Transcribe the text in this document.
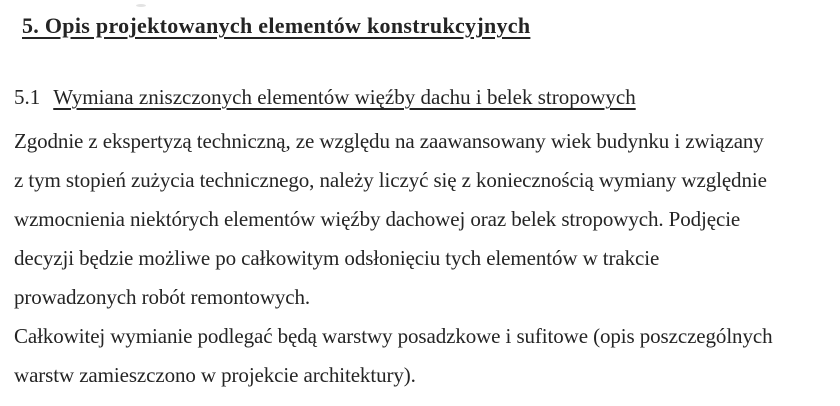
5. Opis projektowanych elementów konstrukcyjnych
5.1 Wymiana zniszczonych elementów więźby dachu i belek stropowych
Zgodnie z ekspertyzą techniczną, ze względu na zaawansowany wiek budynku i związany
z tym stopień zużycia technicznego, należy liczyć się z koniecznością wymiany względnie
wzmocnienia niektórych elementów więźby dachowej oraz belek stropowych. Podjęcie
decyzji będzie możliwe po całkowitym odsłonięciu tych elementów w trakcie
prowadzonych robót remontowych.
Całkowitej wymianie podlegać będą warstwy posadzkowe i sufitowe (opis poszczególnych
warstw zamieszczono w projekcie architektury).
